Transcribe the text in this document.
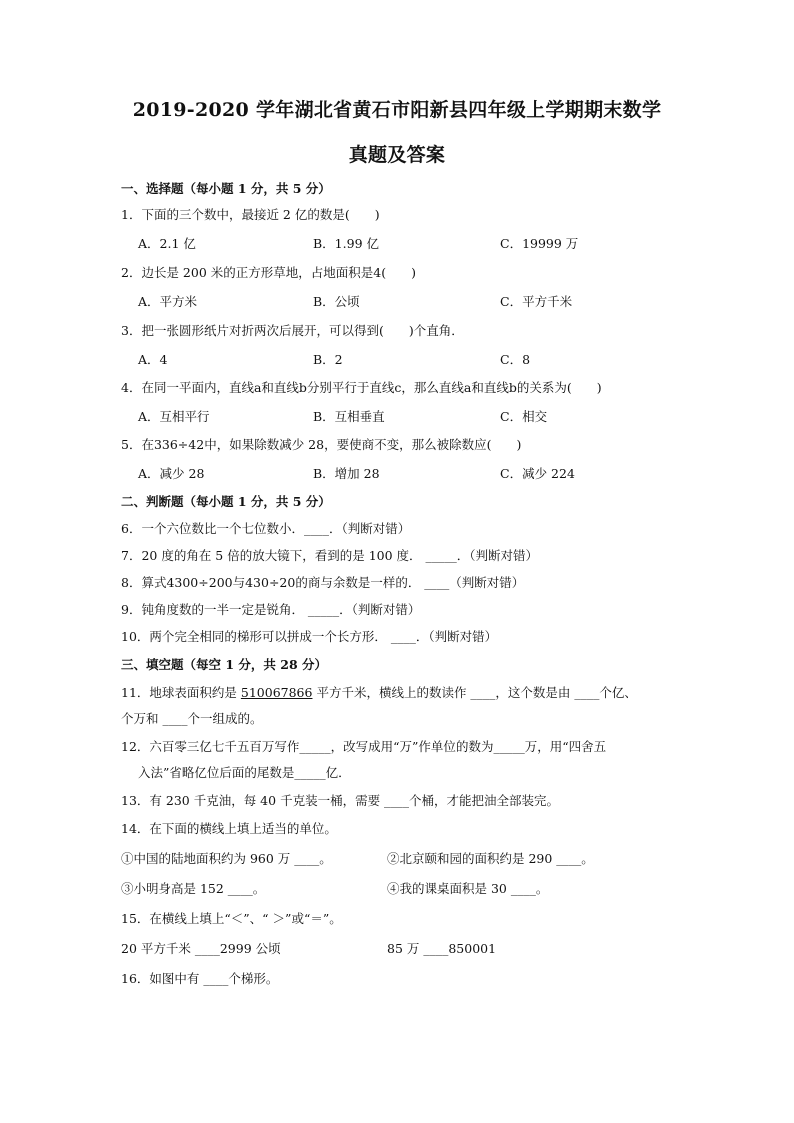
2019-2020 学年湖北省黄石市阳新县四年级上学期期末数学
真题及答案
一、选择题（每小题 1 分，共 5 分）
1．下面的三个数中，最接近 2 亿的数是(　　)
A．2.1 亿	B．1.99 亿	C．19999 万
2．边长是 200 米的正方形草地，占地面积是4(　　)
A．平方米	B．公顷	C．平方千米
3．把一张圆形纸片对折两次后展开，可以得到(　　)个直角．
A．4	B．2	C．8
4．在同一平面内，直线a和直线b分别平行于直线c，那么直线a和直线b的关系为(　　)
A．互相平行	B．互相垂直	C．相交
5．在336÷42中，如果除数减少 28，要使商不变，那么被除数应(　　)
A．减少 28	B．增加 28	C．减少 224
二、判断题（每小题 1 分，共 5 分）
6．一个六位数比一个七位数小．____．（判断对错）
7．20 度的角在 5 倍的放大镜下，看到的是 100 度． _____．（判断对错）
8．算式4300÷200与430÷20的商与余数是一样的． ____（判断对错）
9．钝角度数的一半一定是锐角． _____．（判断对错）
10．两个完全相同的梯形可以拼成一个长方形． ____．（判断对错）
三、填空题（每空 1 分，共 28 分）
11．地球表面积约是 510067866 平方千米，横线上的数读作 ____，这个数是由 ____个亿、
个万和 ____个一组成的。
12．六百零三亿七千五百万写作_____，改写成用“万”作单位的数为_____万，用“四舍五
入法”省略亿位后面的尾数是_____亿．
13．有 230 千克油，每 40 千克装一桶，需要 ____个桶，才能把油全部装完。
14．在下面的横线上填上适当的单位。
①中国的陆地面积约为 960 万 ____。	②北京颐和园的面积约是 290 ____。
③小明身高是 152 ____。	④我的课桌面积是 30 ____。
15．在横线上填上“＜”、“ ＞”或“＝”。
20 平方千米 ____2999 公顷	85 万 ____850001
16．如图中有 ____个梯形。
